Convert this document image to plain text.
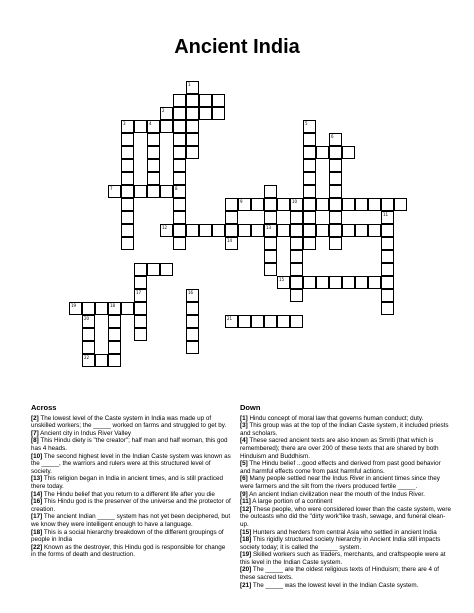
Ancient India
2
3	4
7	8
9	10
12	13
15
19	18
21
22
1
5
6
11
14
17	16
20
Across

[2] The lowest level of the Caste system in India was made up of unskilled workers; the _____ worked on farms and struggled to get by.

[7] Ancient city in Indus River Valley

[8] This Hindu diety is "the creator"; half man and half woman, this god has 4 heads.

[10] The second highest level in the Indian Caste system was known as the _____, the warriors and rulers were at this structured level of society.

[13] This religion began in India in ancient times, and is still practiced there today.

[14] The Hindu belief that you return to a different life after you die

[16] This Hindu god is the preserver of the universe and the protector of creation.

[17] The ancient Indian _____ system has not yet been deciphered, but we know they were intelligent enough to have a language.

[18] This is a social hierarchy breakdown of the different groupings of people in India

[22] Known as the destroyer, this Hindu god is responsible for change in the forms of death and destruction.

Down

[1] Hindu concept of moral law that governs human conduct; duty.

[3] This group was at the top of the Indian Caste system, it included priests and scholars.

[4] These sacred ancient texts are also known as Smriti (that which is remembered); there are over 200 of these texts that are shared by both Hinduism and Buddhism.

[5] The Hindu belief ...good effects and derived from past good behavior and harmful effects come from past harmful actions.

[6] Many people settled near the Indus River in ancient times since they were farmers and the silt from the rivers produced fertile _____.

[9] An ancient Indian civilization near the mouth of the Indus River.

[11] A large portion of a continent

[12] These people, who were considered lower than the caste system, were the outcasts who did the "dirty work"like trash, sewage, and funeral clean-up.

[15] Hunters and herders from central Asia who settled in ancient India

[18] This rigidly structured society hierarchy in Ancient India still impacts society today; it is called the _____ system.

[19] Skilled workers such as traders, merchants, and craftspeople were at this level in the Indian Caste system.

[20] The _____ are the oldest religious texts of Hinduism; there are 4 of these sacred texts.

[21] The _____ was the lowest level in the Indian Caste system.
